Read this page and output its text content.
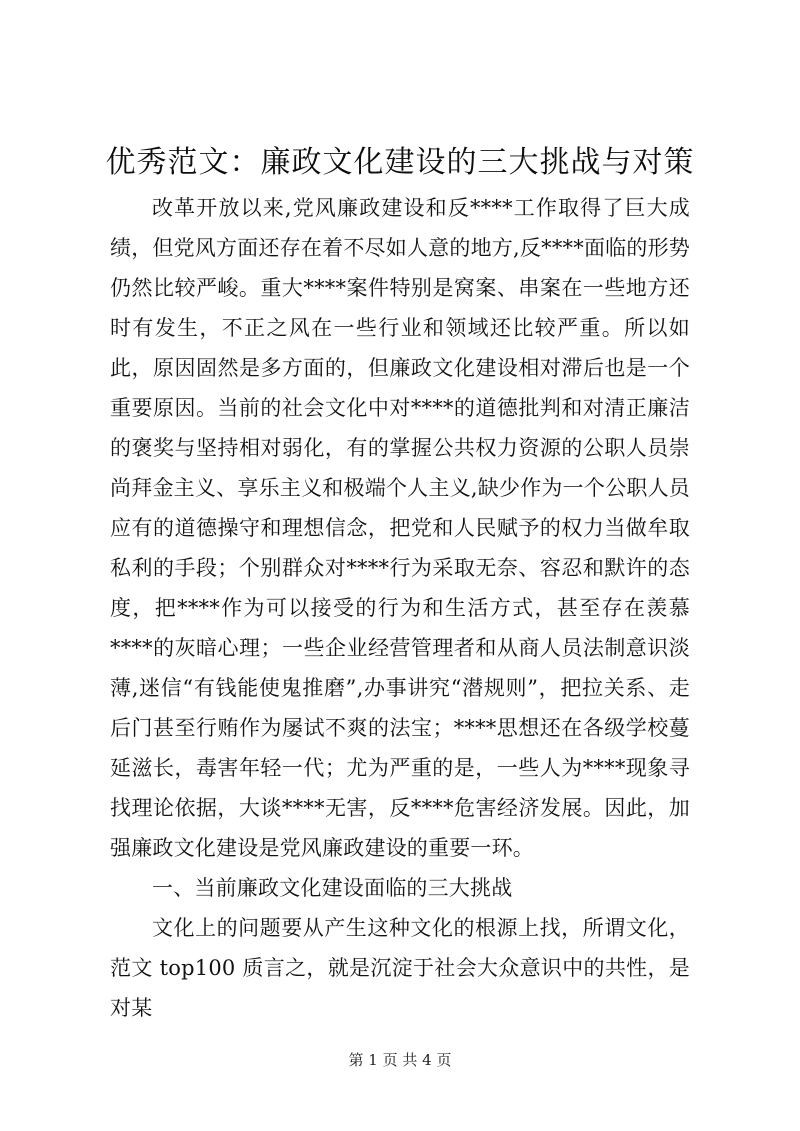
优秀范文：廉政文化建设的三大挑战与对策

改革开放以来,党风廉政建设和反****工作取得了巨大成绩，但党风方面还存在着不尽如人意的地方,反****面临的形势仍然比较严峻。重大****案件特别是窝案、串案在一些地方还时有发生，不正之风在一些行业和领域还比较严重。所以如此，原因固然是多方面的，但廉政文化建设相对滞后也是一个重要原因。当前的社会文化中对****的道德批判和对清正廉洁的褒奖与坚持相对弱化，有的掌握公共权力资源的公职人员崇尚拜金主义、享乐主义和极端个人主义,缺少作为一个公职人员应有的道德操守和理想信念，把党和人民赋予的权力当做牟取私利的手段；个别群众对****行为采取无奈、容忍和默许的态度，把****作为可以接受的行为和生活方式，甚至存在羡慕****的灰暗心理；一些企业经营管理者和从商人员法制意识淡薄,迷信“有钱能使鬼推磨”,办事讲究“潜规则”，把拉关系、走后门甚至行贿作为屡试不爽的法宝；****思想还在各级学校蔓延滋长，毒害年轻一代；尤为严重的是，一些人为****现象寻找理论依据，大谈****无害，反****危害经济发展。因此，加强廉政文化建设是党风廉政建设的重要一环。

一、当前廉政文化建设面临的三大挑战

文化上的问题要从产生这种文化的根源上找，所谓文化，范文 top100 质言之，就是沉淀于社会大众意识中的共性，是对某

第 1 页 共 4 页
